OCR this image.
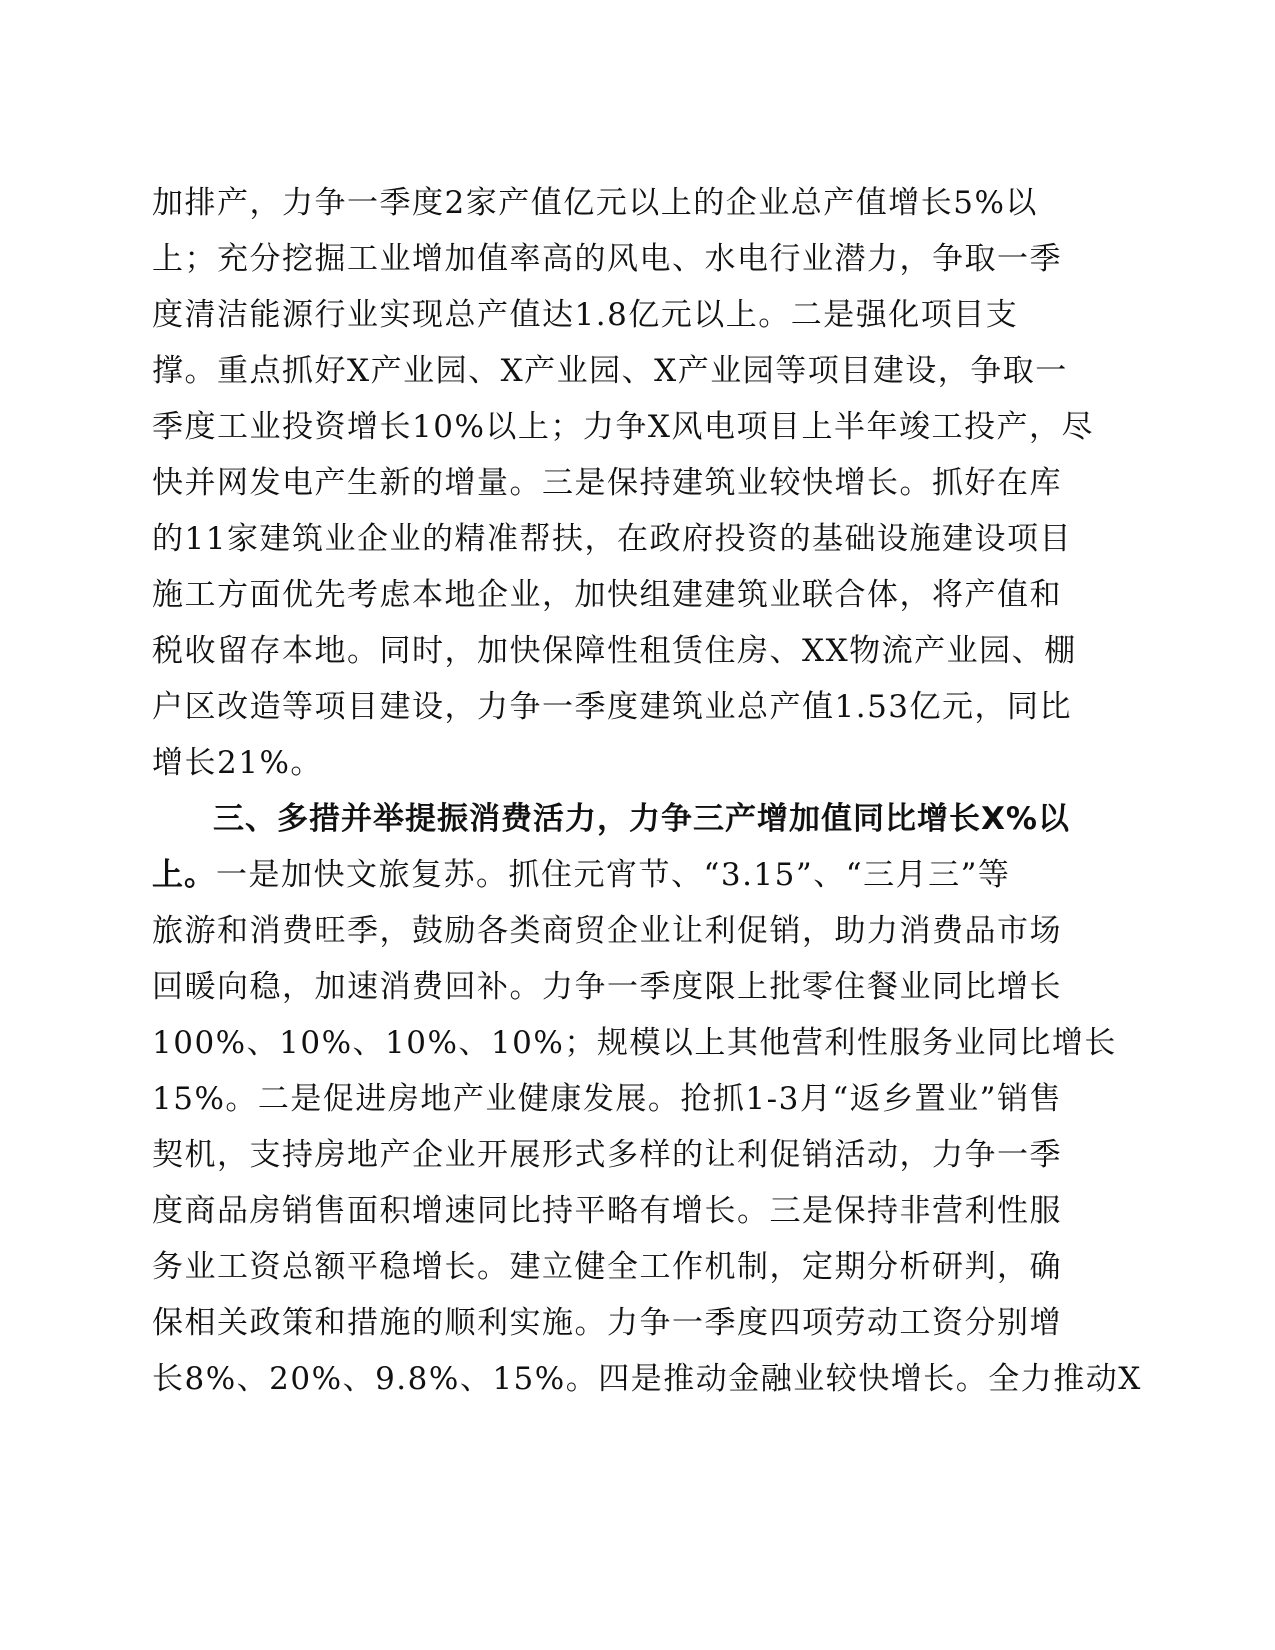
加排产，力争一季度2家产值亿元以上的企业总产值增长5%以
上；充分挖掘工业增加值率高的风电、水电行业潜力，争取一季
度清洁能源行业实现总产值达1.8亿元以上。二是强化项目支
撑。重点抓好X产业园、X产业园、X产业园等项目建设，争取一
季度工业投资增长10%以上；力争X风电项目上半年竣工投产，尽
快并网发电产生新的增量。三是保持建筑业较快增长。抓好在库
的11家建筑业企业的精准帮扶，在政府投资的基础设施建设项目
施工方面优先考虑本地企业，加快组建建筑业联合体，将产值和
税收留存本地。同时，加快保障性租赁住房、XX物流产业园、棚
户区改造等项目建设，力争一季度建筑业总产值1.53亿元，同比
增长21%。
三、多措并举提振消费活力，力争三产增加值同比增长X%以
上。一是加快文旅复苏。抓住元宵节、“3.15”、“三月三”等
旅游和消费旺季，鼓励各类商贸企业让利促销，助力消费品市场
回暖向稳，加速消费回补。力争一季度限上批零住餐业同比增长
100%、10%、10%、10%；规模以上其他营利性服务业同比增长
15%。二是促进房地产业健康发展。抢抓1-3月“返乡置业”销售
契机，支持房地产企业开展形式多样的让利促销活动，力争一季
度商品房销售面积增速同比持平略有增长。三是保持非营利性服
务业工资总额平稳增长。建立健全工作机制，定期分析研判，确
保相关政策和措施的顺利实施。力争一季度四项劳动工资分别增
长8%、20%、9.8%、15%。四是推动金融业较快增长。全力推动X
